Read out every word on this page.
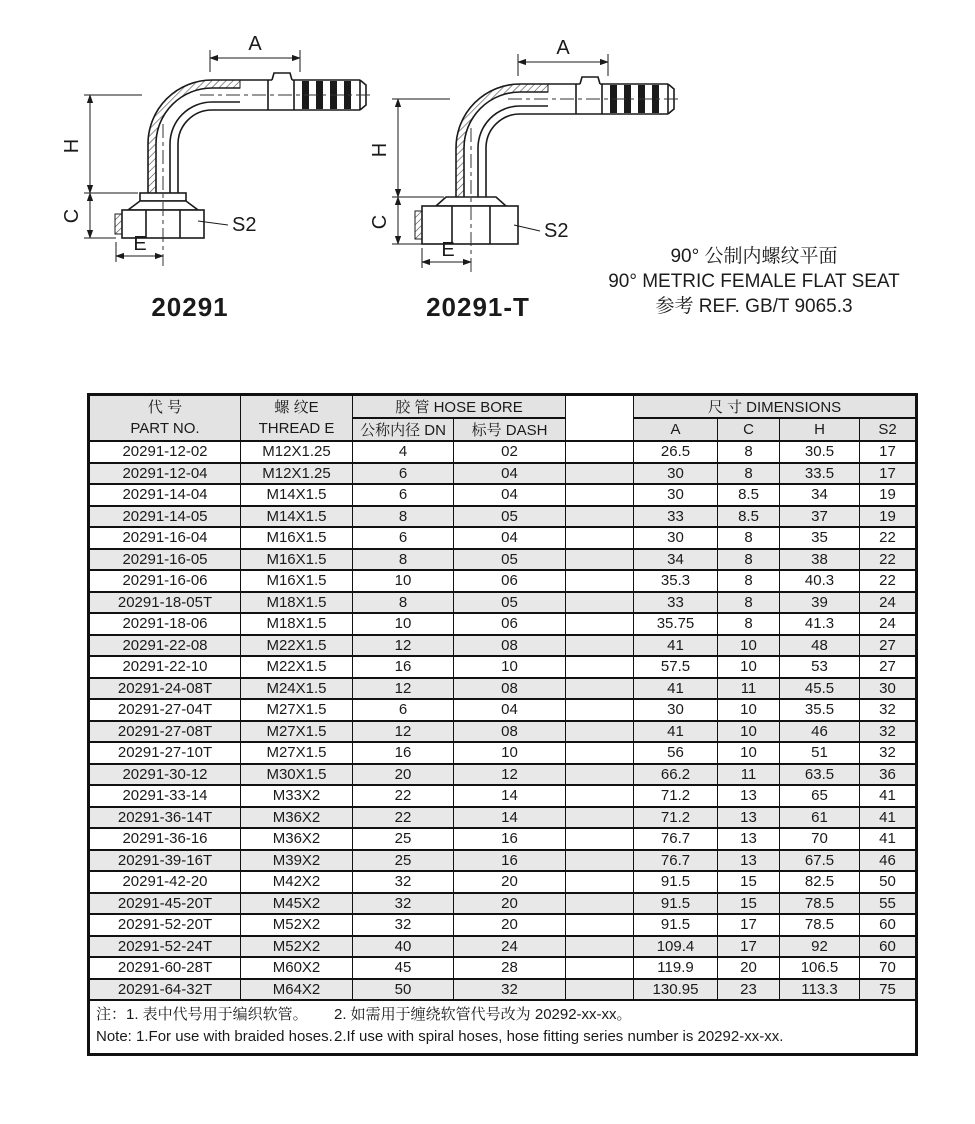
A
H
C
E
S2
A
H
C
E
S2
20291	20291-T
90° 公制内螺纹平面
90° METRIC FEMALE FLAT SEAT
参考 REF. GB/T 9065.3
代 号
PART NO.

螺 纹E
THREAD E
	胶 管 HOSE BORE		尺 寸 DIMENSIONS
		公称内径 DN	标号 DASH		A	C	H	S2
20291-12-02	M12X1.25	4	02		26.5	8	30.5	17
20291-12-04	M12X1.25	6	04		30	8	33.5	17
20291-14-04	M14X1.5	6	04		30	8.5	34	19
20291-14-05	M14X1.5	8	05		33	8.5	37	19
20291-16-04	M16X1.5	6	04		30	8	35	22
20291-16-05	M16X1.5	8	05		34	8	38	22
20291-16-06	M16X1.5	10	06		35.3	8	40.3	22
20291-18-05T	M18X1.5	8	05		33	8	39	24
20291-18-06	M18X1.5	10	06		35.75	8	41.3	24
20291-22-08	M22X1.5	12	08		41	10	48	27
20291-22-10	M22X1.5	16	10		57.5	10	53	27
20291-24-08T	M24X1.5	12	08		41	11	45.5	30
20291-27-04T	M27X1.5	6	04		30	10	35.5	32
20291-27-08T	M27X1.5	12	08		41	10	46	32
20291-27-10T	M27X1.5	16	10		56	10	51	32
20291-30-12	M30X1.5	20	12		66.2	11	63.5	36
20291-33-14	M33X2	22	14		71.2	13	65	41
20291-36-14T	M36X2	22	14		71.2	13	61	41
20291-36-16	M36X2	25	16		76.7	13	70	41
20291-39-16T	M39X2	25	16		76.7	13	67.5	46
20291-42-20	M42X2	32	20		91.5	15	82.5	50
20291-45-20T	M45X2	32	20		91.5	15	78.5	55
20291-52-20T	M52X2	32	20		91.5	17	78.5	60
20291-52-24T	M52X2	40	24		109.4	17	92	60
20291-60-28T	M60X2	45	28		119.9	20	106.5	70
20291-64-32T	M64X2	50	32		130.95	23	113.3	75

注：1. 表中代号用于编织软管。 2. 如需用于缠绕软管代号改为 20292-xx-xx。
Note: 1.For use with braided hoses. 2.If use with spiral hoses, hose fitting series number is 20292-xx-xx.								
